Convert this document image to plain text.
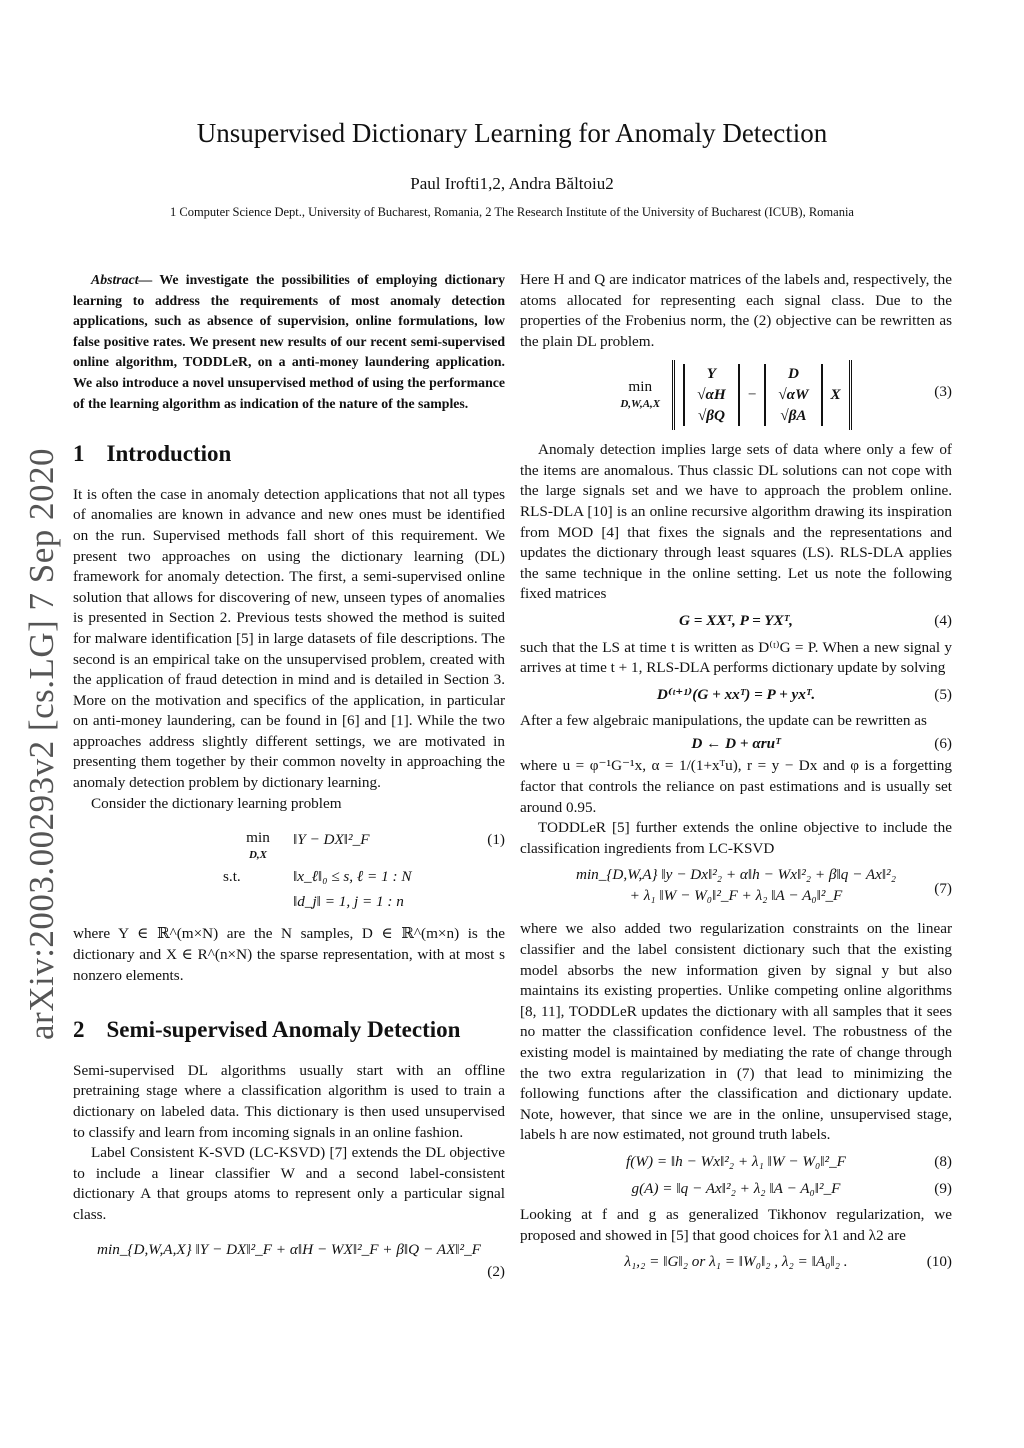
Unsupervised Dictionary Learning for Anomaly Detection
Paul Irofti1,2, Andra Băltoiu2
1 Computer Science Dept., University of Bucharest, Romania, 2 The Research Institute of the University of Bucharest (ICUB), Romania
arXiv:2003.00293v2 [cs.LG] 7 Sep 2020

Abstract— We investigate the possibilities of employing dictionary learning to address the requirements of most anomaly detection applications, such as absence of supervision, online formulations, low false positive rates. We present new results of our recent semi-supervised online algorithm, TODDLeR, on a anti-money laundering application. We also introduce a novel unsupervised method of using the performance of the learning algorithm as indication of the nature of the samples.

1 Introduction

It is often the case in anomaly detection applications that not all types of anomalies are known in advance and new ones must be identified on the run. Supervised methods fall short of this requirement. We present two approaches on using the dictionary learning (DL) framework for anomaly detection. The first, a semi-supervised online solution that allows for discovering of new, unseen types of anomalies is presented in Section 2. Previous tests showed the method is suited for malware identification [5] in large datasets of file descriptions. The second is an empirical take on the unsupervised problem, created with the application of fraud detection in mind and is detailed in Section 3. More on the motivation and specifics of the application, in particular on anti-money laundering, can be found in [6] and [1]. While the two approaches address slightly different settings, we are motivated in presenting them together by their common novelty in approaching the anomaly detection problem by dictionary learning.

Consider the dictionary learning problem

min
D,X
‖Y − DX‖²_F	(1)
s.t.	‖x_ℓ‖₀ ≤ s, ℓ = 1 : N
‖d_j‖ = 1, j = 1 : n

where Y ∈ ℝ^(m×N) are the N samples, D ∈ ℝ^(m×n) is the dictionary and X ∈ R^(n×N) the sparse representation, with at most s nonzero elements.

2 Semi-supervised Anomaly Detection

Semi-supervised DL algorithms usually start with an offline pretraining stage where a classification algorithm is used to train a dictionary on labeled data. This dictionary is then used unsupervised to classify and learn from incoming signals in an online fashion.

Label Consistent K-SVD (LC-KSVD) [7] extends the DL objective to include a linear classifier W and a second label-consistent dictionary A that groups atoms to represent only a particular signal class.

min_{D,W,A,X} ‖Y − DX‖²_F + α‖H − WX‖²_F + β‖Q − AX‖²_F
(2)

Here H and Q are indicator matrices of the labels and, respectively, the atoms allocated for representing each signal class. Due to the properties of the Frobenius norm, the (2) objective can be rewritten as the plain DL problem.

min
D,W,A,X
Y
√αH
√βQ
−
D
√αW
√βA
X	(3)

Anomaly detection implies large sets of data where only a few of the items are anomalous. Thus classic DL solutions can not cope with the large signals set and we have to approach the problem online. RLS-DLA [10] is an online recursive algorithm drawing its inspiration from MOD [4] that fixes the signals and the representations and updates the dictionary through least squares (LS). RLS-DLA applies the same technique in the online setting. Let us note the following fixed matrices

G = XXᵀ, P = YXᵀ,	(4)

such that the LS at time t is written as D⁽ᵗ⁾G = P. When a new signal y arrives at time t + 1, RLS-DLA performs dictionary update by solving

D⁽ᵗ⁺¹⁾(G + xxᵀ) = P + yxᵀ.	(5)

After a few algebraic manipulations, the update can be rewritten as

D ← D + αruᵀ	(6)

where u = φ⁻¹G⁻¹x, α = 1/(1+xᵀu), r = y − Dx and φ is a forgetting factor that controls the reliance on past estimations and is usually set around 0.95.

TODDLeR [5] further extends the online objective to include the classification ingredients from LC-KSVD

min_{D,W,A} ‖y − Dx‖²₂ + α‖h − Wx‖²₂ + β‖q − Ax‖²₂
+ λ₁ ‖W − W₀‖²_F + λ₂ ‖A − A₀‖²_F	(7)

where we also added two regularization constraints on the linear classifier and the label consistent dictionary such that the existing model absorbs the new information given by signal y but also maintains its existing properties. Unlike competing online algorithms [8, 11], TODDLeR updates the dictionary with all samples that it sees no matter the classification confidence level. The robustness of the existing model is maintained by mediating the rate of change through the two extra regularization in (7) that lead to minimizing the following functions after the classification and dictionary update. Note, however, that since we are in the online, unsupervised stage, labels h are now estimated, not ground truth labels.

f(W) = ‖h − Wx‖²₂ + λ₁ ‖W − W₀‖²_F	(8)
g(A) = ‖q − Ax‖²₂ + λ₂ ‖A − A₀‖²_F	(9)

Looking at f and g as generalized Tikhonov regularization, we proposed and showed in [5] that good choices for λ1 and λ2 are

λ₁,₂ = ‖G‖₂ or λ₁ = ‖W₀‖₂ , λ₂ = ‖A₀‖₂ .	(10)
